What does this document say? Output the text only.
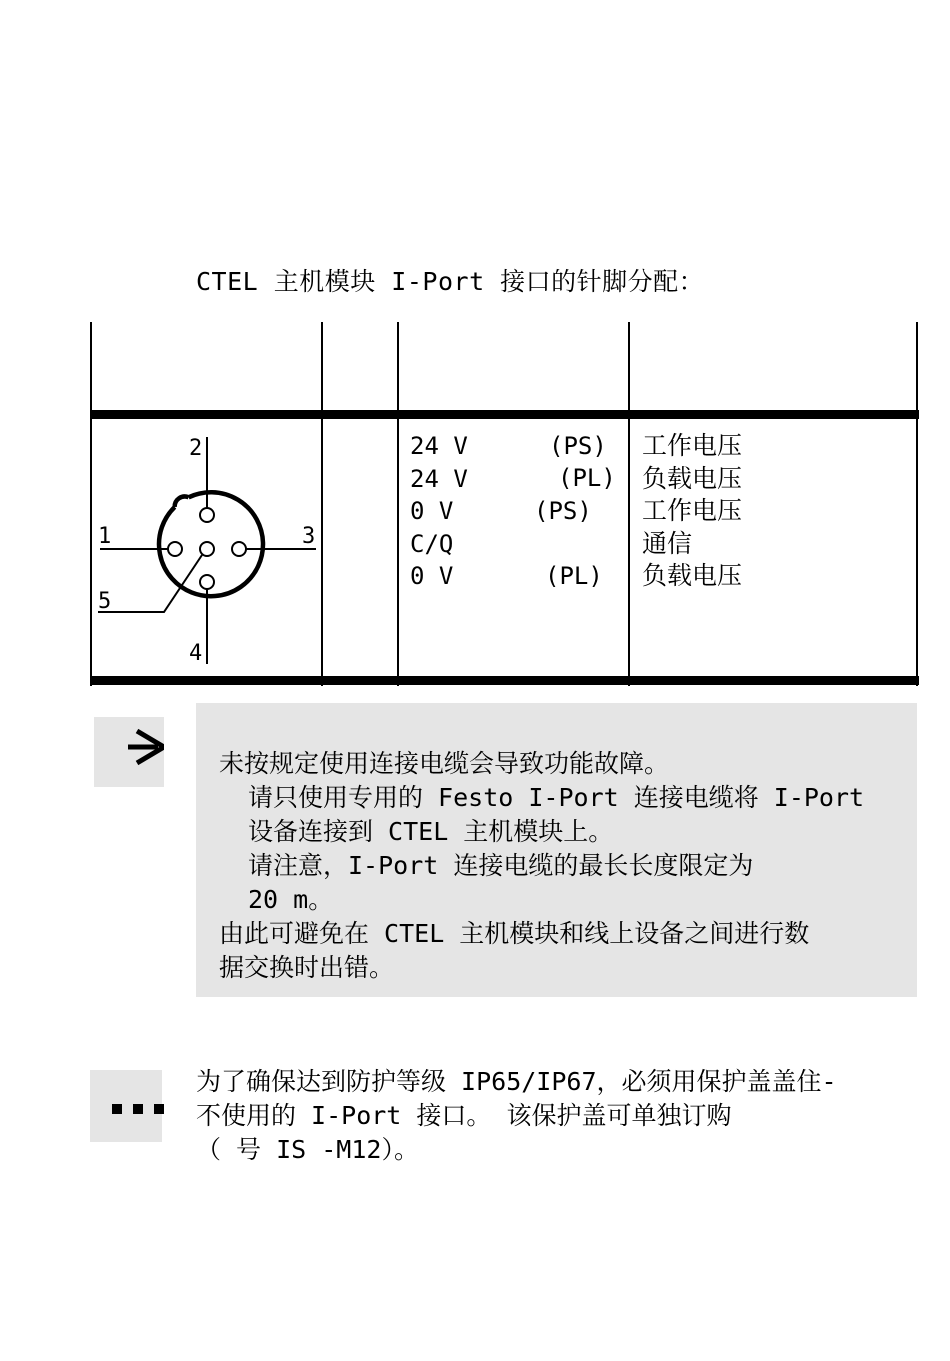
CTEL 主机模块 I-Port 接口的针脚分配：
2
1	3
5
4
24 V
24 V
0 V
C/Q
0 V
(PS)
(PL)
(PS)
(PL)
工作电压
负载电压
工作电压
通信
负载电压
未按规定使用连接电缆会导致功能故障。
请只使用专用的 Festo I-Port 连接电缆将 I-Port
设备连接到 CTEL 主机模块上。
请注意，I-Port 连接电缆的最长长度限定为
20 m。
由此可避免在 CTEL 主机模块和线上设备之间进行数
据交换时出错。
为了确保达到防护等级 IP65/IP67，必须用保护盖盖住-
不使用的 I-Port 接口。 该保护盖可单独订购
（ 号 IS -M12）。
